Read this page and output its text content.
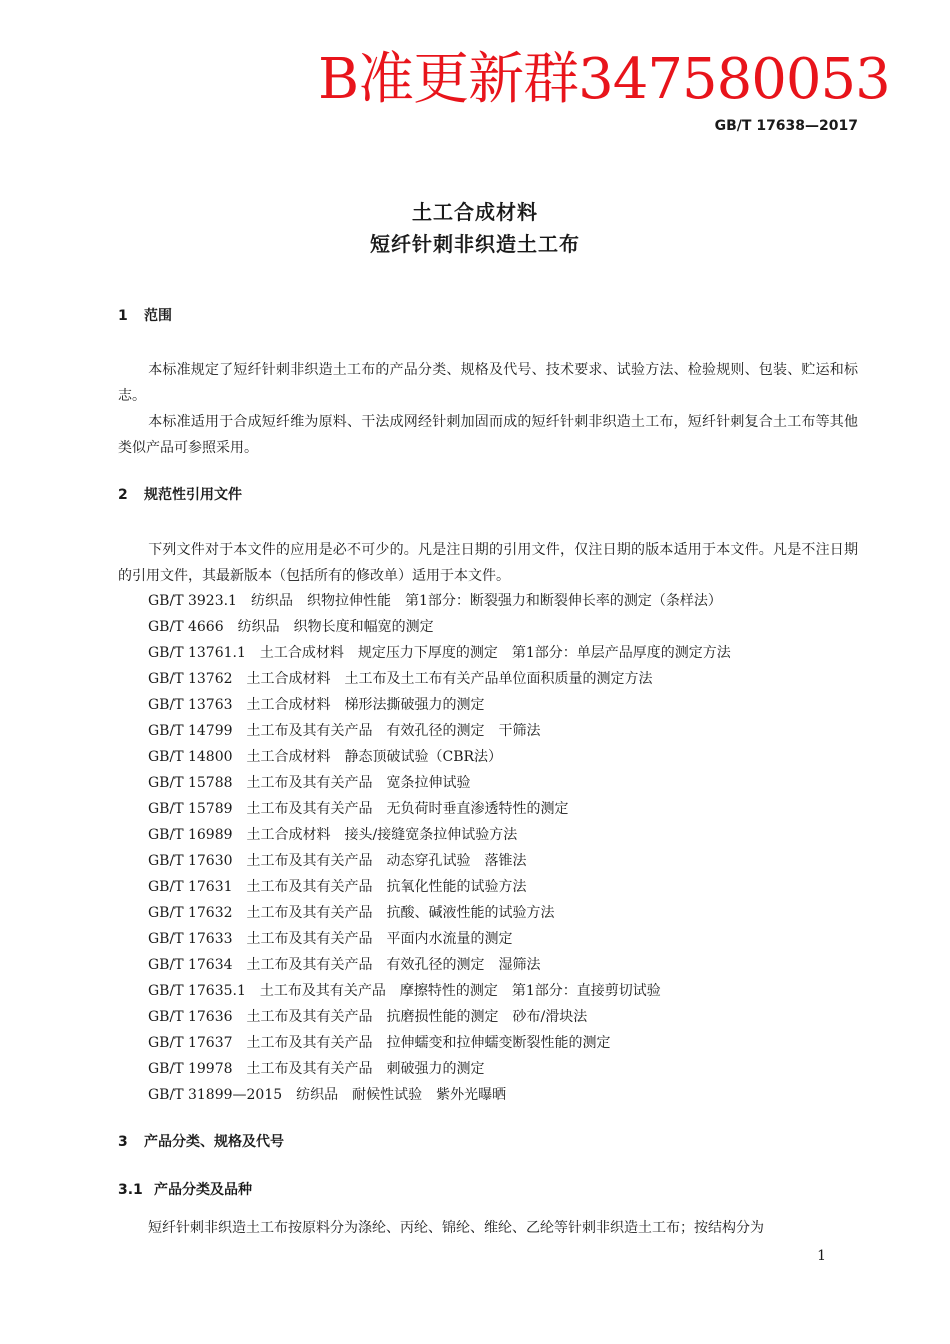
B准更新群347580053
GB/T 17638—2017
土工合成材料
短纤针刺非织造土工布
1 范围
本标准规定了短纤针刺非织造土工布的产品分类、规格及代号、技术要求、试验方法、检验规则、包装、贮运和标志。
本标准适用于合成短纤维为原料、干法成网经针刺加固而成的短纤针刺非织造土工布，短纤针刺复合土工布等其他类似产品可参照采用。
2 规范性引用文件
下列文件对于本文件的应用是必不可少的。凡是注日期的引用文件，仅注日期的版本适用于本文件。凡是不注日期的引用文件，其最新版本（包括所有的修改单）适用于本文件。
GB/T 3923.1 纺织品　织物拉伸性能　第1部分：断裂强力和断裂伸长率的测定（条样法）
GB/T 4666 纺织品　织物长度和幅宽的测定
GB/T 13761.1 土工合成材料　规定压力下厚度的测定　第1部分：单层产品厚度的测定方法
GB/T 13762 土工合成材料　土工布及土工布有关产品单位面积质量的测定方法
GB/T 13763 土工合成材料　梯形法撕破强力的测定
GB/T 14799 土工布及其有关产品　有效孔径的测定　干筛法
GB/T 14800 土工合成材料　静态顶破试验（CBR法）
GB/T 15788 土工布及其有关产品　宽条拉伸试验
GB/T 15789 土工布及其有关产品　无负荷时垂直渗透特性的测定
GB/T 16989 土工合成材料　接头/接缝宽条拉伸试验方法
GB/T 17630 土工布及其有关产品　动态穿孔试验　落锥法
GB/T 17631 土工布及其有关产品　抗氧化性能的试验方法
GB/T 17632 土工布及其有关产品　抗酸、碱液性能的试验方法
GB/T 17633 土工布及其有关产品　平面内水流量的测定
GB/T 17634 土工布及其有关产品　有效孔径的测定　湿筛法
GB/T 17635.1 土工布及其有关产品　摩擦特性的测定　第1部分：直接剪切试验
GB/T 17636 土工布及其有关产品　抗磨损性能的测定　砂布/滑块法
GB/T 17637 土工布及其有关产品　拉伸蠕变和拉伸蠕变断裂性能的测定
GB/T 19978 土工布及其有关产品　刺破强力的测定
GB/T 31899—2015 纺织品　耐候性试验　紫外光曝晒
3 产品分类、规格及代号
3.1 产品分类及品种
短纤针刺非织造土工布按原料分为涤纶、丙纶、锦纶、维纶、乙纶等针刺非织造土工布；按结构分为
1
